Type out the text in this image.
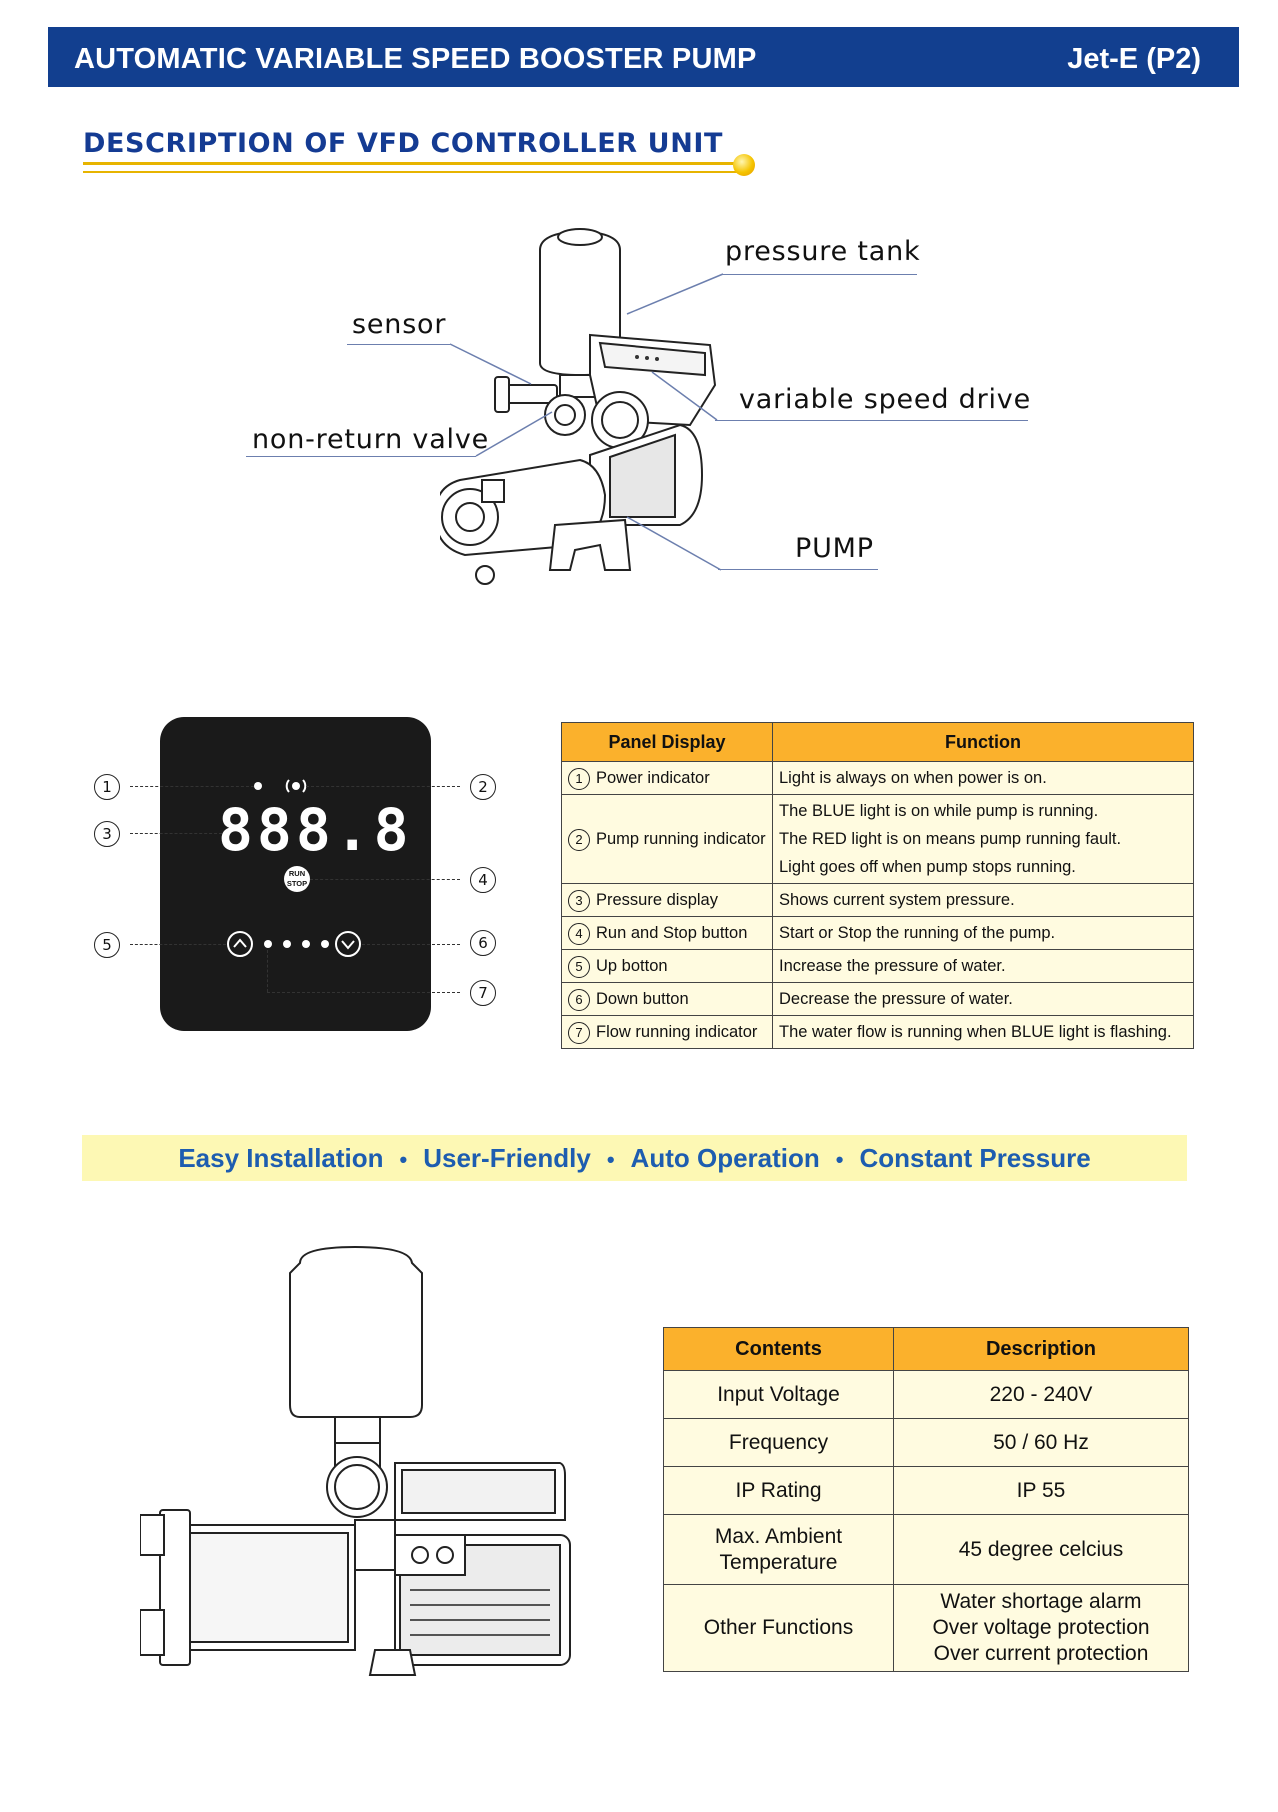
AUTOMATIC VARIABLE SPEED BOOSTER PUMP	Jet-E (P2)
DESCRIPTION OF VFD CONTROLLER UNIT
pressure tank
sensor
variable speed drive
non-return valve
PUMP
888.8
RUN
STOP
1	2
3
4
5	6
7
Panel Display	Function
1 Power indicator	Light is always on when power is on.
2 Pump running indicator	The BLUE light is on while pump is running.
The RED light is on means pump running fault.
Light goes off when pump stops running.

3 Pressure display	Shows current system pressure.
4 Run and Stop button	Start or Stop the running of the pump.
5 Up botton	Increase the pressure of water.
6 Down button	Decrease the pressure of water.
7 Flow running indicator	The water flow is running when BLUE light is flashing.
Easy Installation • User-Friendly • Auto Operation • Constant Pressure
Contents	Description
Input Voltage	220 - 240V
Frequency	50 / 60 Hz
IP Rating	IP 55

Max. Ambient
Temperature	45 degree celcius
Other Functions	Water shortage alarm
Over voltage protection
Over current protection
